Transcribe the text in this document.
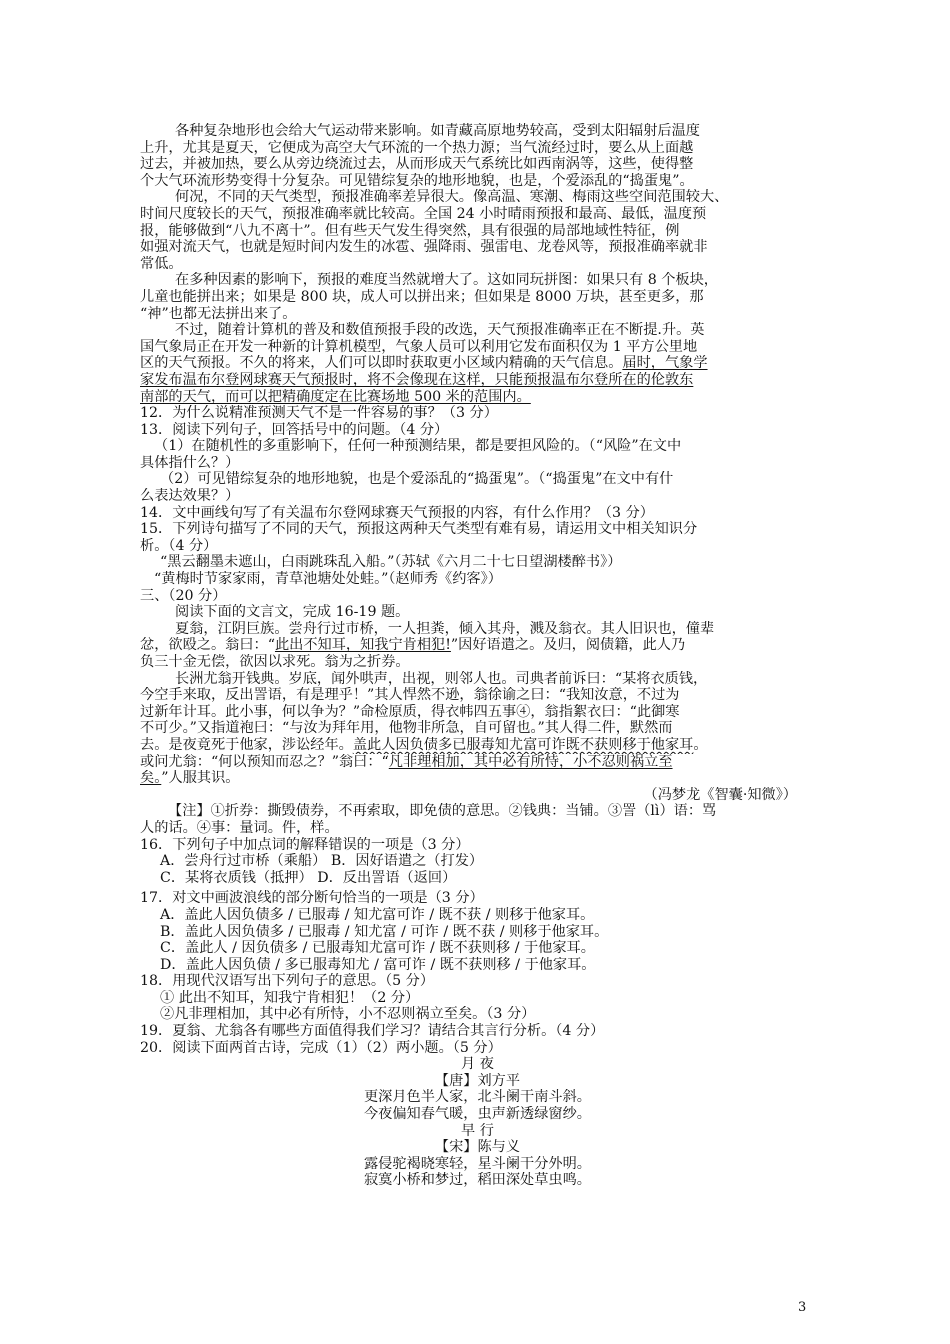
各种复杂地形也会给大气运动带来影响。如青藏高原地势较高，受到太阳辐射后温度

上升，尤其是夏天，它便成为高空大气环流的一个热力源；当气流经过时，要么从上面越

过去，并被加热，要么从旁边绕流过去，从而形成天气系统比如西南涡等，这些，使得整

个大气环流形势变得十分复杂。可见错综复杂的地形地貌，也是，个爱添乱的“捣蛋鬼”。

何况，不同的天气类型，预报准确率差异很大。像高温、寒潮、梅雨这些空间范围较大、

时间尺度较长的天气，预报准确率就比较高。全国 24 小时晴雨预报和最高、最低，温度预

报，能够做到“八九不离十”。但有些天气发生得突然，具有很强的局部地域性特征，例

如强对流天气，也就是短时间内发生的冰雹、强降雨、强雷电、龙卷风等，预报准确率就非

常低。

在多种因素的影响下，预报的难度当然就增大了。这如同玩拼图：如果只有 8 个板块，

儿童也能拼出来；如果是 800 块，成人可以拼出来；但如果是 8000 万块，甚至更多，那

“神”也都无法拼出来了。

不过，随着计算机的普及和数值预报手段的改选，天气预报准确率正在不断提.升。英

国气象局正在开发一种新的计算机模型，气象人员可以利用它发布面积仅为 1 平方公里地

区的天气预报。不久的将来，人们可以即时获取更小区域内精确的天气信息。届时，气象学

家发布温布尔登网球赛天气预报时，将不会像现在这样，只能预报温布尔登所在的伦敦东

南部的天气，而可以把精确度定在比赛场地 500 米的范围内。

12．为什么说精准预测天气不是一件容易的事？（3 分）

13．阅读下列句子，回答括号中的问题。（4 分）

（1）在随机性的多重影响下，任何一种预测结果，都是要担风险的。（“风险”在文中

具体指什么？）

（2）可见错综复杂的地形地貌，也是个爱添乱的“捣蛋鬼”。（“捣蛋鬼”在文中有什

么表达效果？）

14．文中画线句写了有关温布尔登网球赛天气预报的内容，有什么作用？（3 分）

15．下列诗句描写了不同的天气，预报这两种天气类型有难有易，请运用文中相关知识分

析。（4 分）

“黑云翻墨未遮山，白雨跳珠乱入船。”（苏轼《六月二十七日望湖楼醉书》）

“黄梅时节家家雨，青草池塘处处蛙。”（赵师秀《约客》）

三、（20 分）

阅读下面的文言文，完成 16-19 题。

夏翁，江阴巨族。尝舟行过市桥，一人担粪，倾入其舟，溅及翁衣。其人旧识也，僮辈

忿，欲殴之。翁曰：“此出不知耳，知我宁肯相犯!”因好语遣之。及归，阅债籍，此人乃

负三十金无偿，欲因以求死。翁为之折券。

长洲尤翁开钱典。岁底，闻外哄声，出视，则邻人也。司典者前诉曰：“某将衣质钱，

今空手来取，反出詈语，有是理乎！”其人悍然不逊，翁徐谕之曰：“我知汝意，不过为

过新年计耳。此小事，何以争为？”命检原质，得衣帏四五事④，翁指絮衣曰：“此御寒

不可少。”又指道袍曰：“与汝为拜年用，他物非所急，自可留也。”其人得二件，默然而

去。是夜竟死于他家，涉讼经年。盖此人因负债多已服毒知尤富可诈既不获则移于他家耳。

或问尤翁：“何以预知而忍之？”翁曰：“凡非理相加，其中必有所恃，小不忍则祸立至

矣。”人服其识。

（冯梦龙《智囊·知微》）

【注】①折券：撕毁债券，不再索取，即免债的意思。②钱典：当铺。③詈（lì）语：骂

人的话。④事：量词。件，样。

16．下列句子中加点词的解释错误的一项是（3 分）

A．尝舟行过市桥（乘船） B．因好语遣之（打发）

C．某将衣质钱（抵押） D．反出詈语（返回）

17．对文中画波浪线的部分断句恰当的一项是（3 分）

A．盖此人因负债多 / 已服毒 / 知尤富可诈 / 既不获 / 则移于他家耳。

B．盖此人因负债多 / 已服毒 / 知尤富 / 可诈 / 既不获 / 则移于他家耳。

C．盖此人 / 因负债多 / 已服毒知尤富可诈 / 既不获则移 / 于他家耳。

D．盖此人因负债 / 多已服毒知尤 / 富可诈 / 既不获则移 / 于他家耳。

18．用现代汉语写出下列句子的意思。（5 分）

① 此出不知耳，知我宁肯相犯！（2 分）

②凡非理相加，其中必有所恃，小不忍则祸立至矣。（3 分）

19．夏翁、尤翁各有哪些方面值得我们学习？请结合其言行分析。（4 分）

20．阅读下面两首古诗，完成（1）（2）两小题。（5 分）

月 夜

【唐】刘方平

更深月色半人家，北斗阑干南斗斜。

今夜偏知春气暖，虫声新透绿窗纱。

早 行

【宋】陈与义

露侵驼褐晓寒轻，星斗阑干分外明。

寂寞小桥和梦过，稻田深处草虫鸣。

3
